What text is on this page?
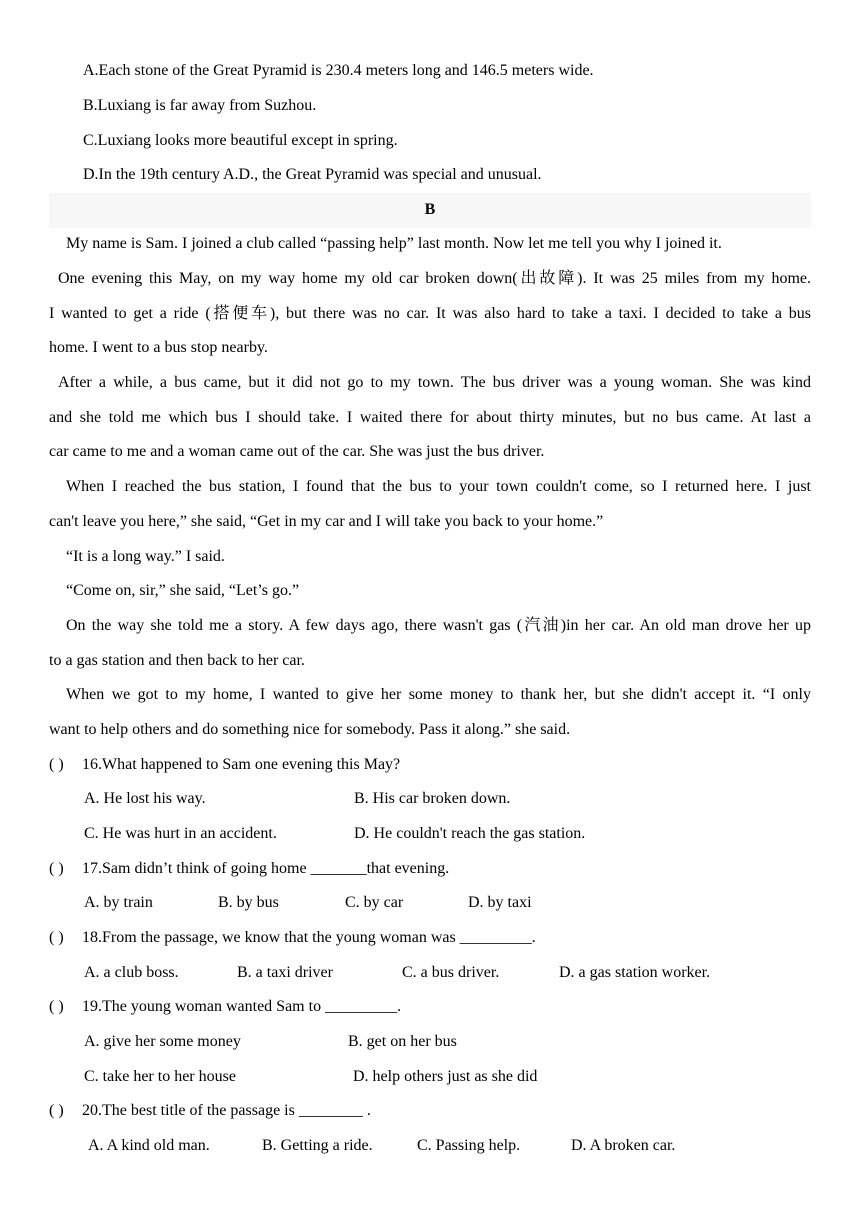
A.Each stone of the Great Pyramid is 230.4 meters long and 146.5 meters wide.
B.Luxiang is far away from Suzhou.
C.Luxiang looks more beautiful except in spring.
D.In the 19th century A.D., the Great Pyramid was special and unusual.
B
My name is Sam. I joined a club called “passing help” last month. Now let me tell you why I joined it.
One evening this May, on my way home my old car broken down(出故障). It was 25 miles from my home.
I wanted to get a ride (搭便车), but there was no car. It was also hard to take a taxi. I decided to take a bus
home. I went to a bus stop nearby.
After a while, a bus came, but it did not go to my town. The bus driver was a young woman. She was kind
and she told me which bus I should take. I waited there for about thirty minutes, but no bus came. At last a
car came to me and a woman came out of the car. She was just the bus driver.
When I reached the bus station, I found that the bus to your town couldn't come, so I returned here. I just
can't leave you here,” she said, “Get in my car and I will take you back to your home.”
“It is a long way.” I said.
“Come on, sir,” she said, “Let’s go.”
On the way she told me a story. A few days ago, there wasn't gas (汽油)in her car. An old man drove her up
to a gas station and then back to her car.
When we got to my home, I wanted to give her some money to thank her, but she didn't accept it. “I only
want to help others and do something nice for somebody. Pass it along.” she said.
( ) 16.What happened to Sam one evening this May?
A. He lost his way.	B. His car broken down.
C. He was hurt in an accident.	D. He couldn't reach the gas station.
( ) 17.Sam didn’t think of going home _______that evening.
A. by train	B. by bus	C. by car	D. by taxi
( ) 18.From the passage, we know that the young woman was _________.
A. a club boss.	B. a taxi driver	C. a bus driver.	D. a gas station worker.
( ) 19.The young woman wanted Sam to _________.
A. give her some money	B. get on her bus
C. take her to her house	D. help others just as she did
( ) 20.The best title of the passage is ________ .
A. A kind old man.	B. Getting a ride.	C. Passing help.	D. A broken car.
